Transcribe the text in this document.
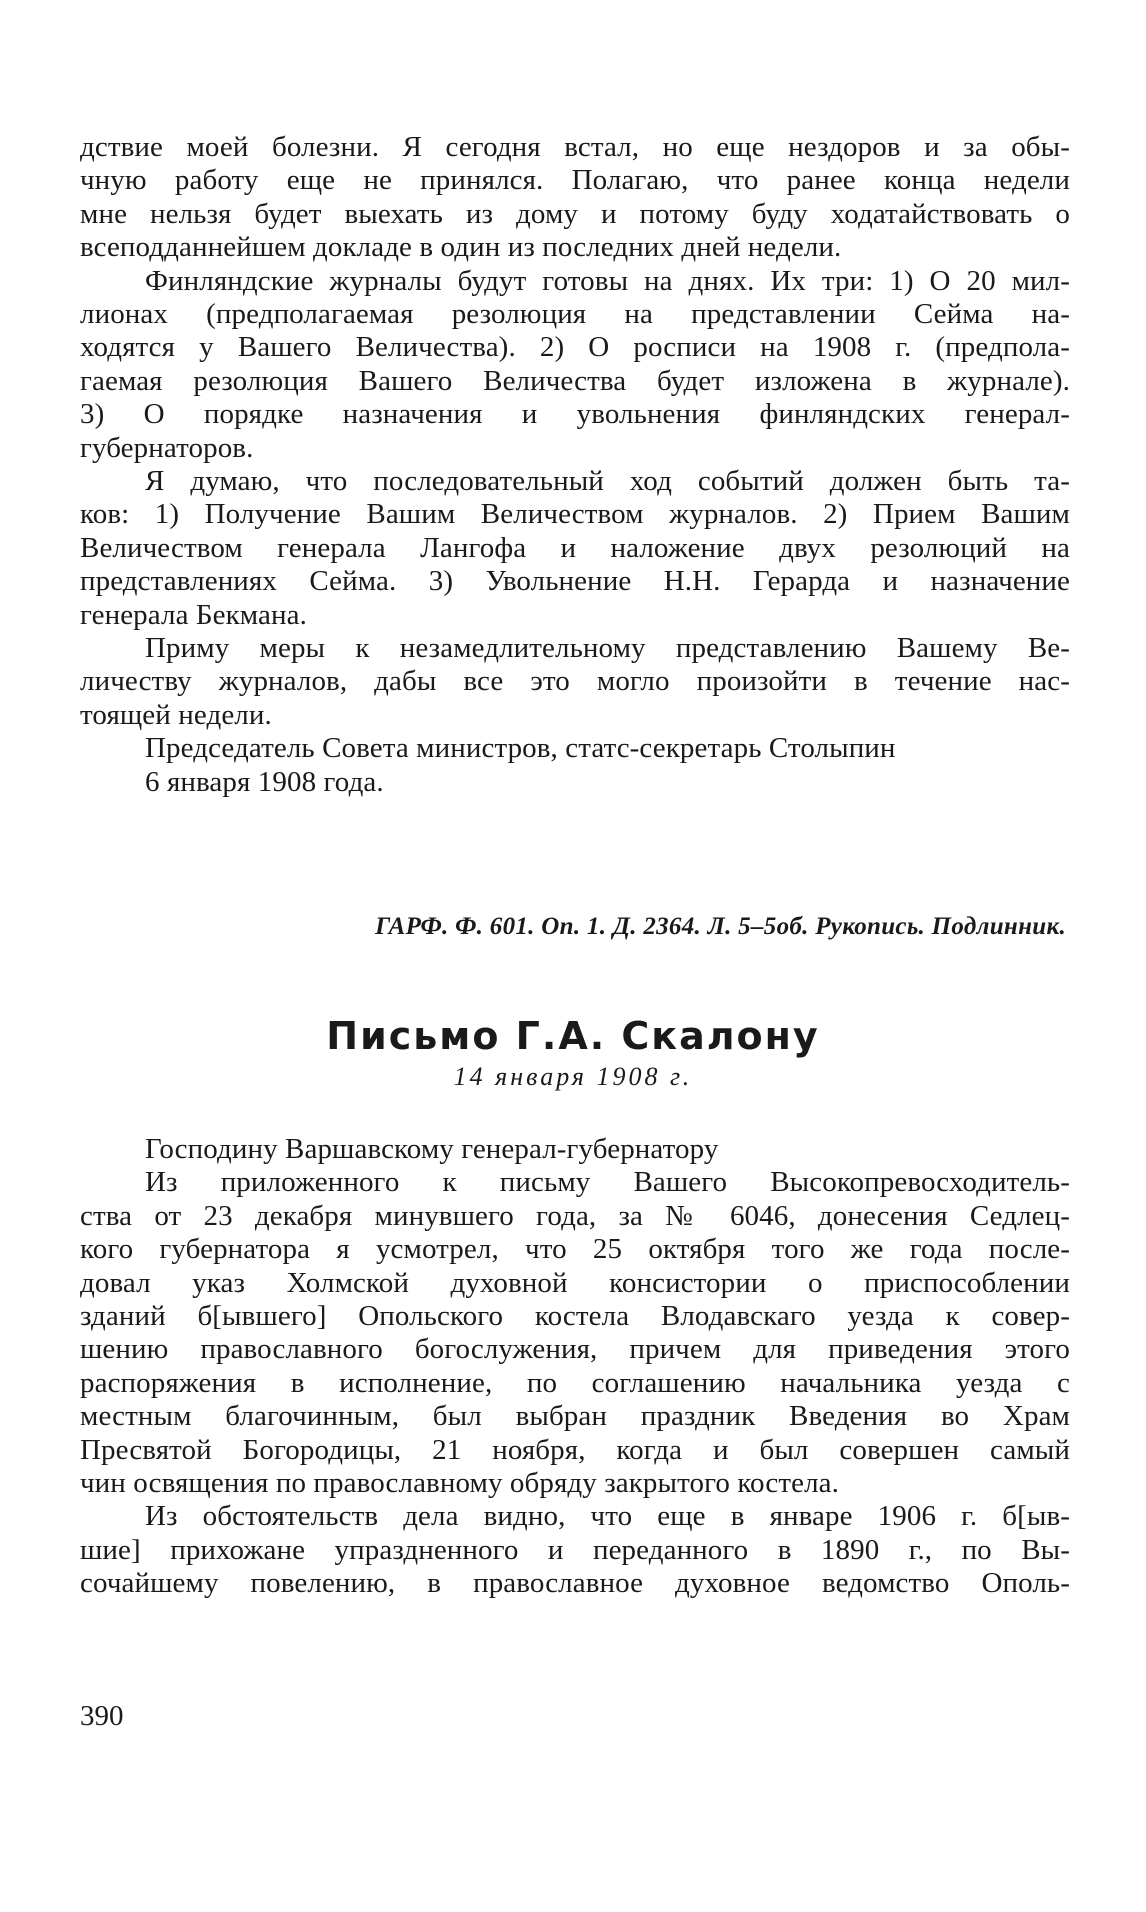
дствие моей болезни. Я сегодня встал, но еще нездоров и за обы-
чную работу еще не принялся. Полагаю, что ранее конца недели
мне нельзя будет выехать из дому и потому буду ходатайствовать о
всеподданнейшем докладе в один из последних дней недели.
Финляндские журналы будут готовы на днях. Их три: 1) О 20 мил-
лионах (предполагаемая резолюция на представлении Сейма на-
ходятся у Вашего Величества). 2) О росписи на 1908 г. (предпола-
гаемая резолюция Вашего Величества будет изложена в журнале).
3) О порядке назначения и увольнения финляндских генерал-
губернаторов.
Я думаю, что последовательный ход событий должен быть та-
ков: 1) Получение Вашим Величеством журналов. 2) Прием Вашим
Величеством генерала Лангофа и наложение двух резолюций на
представлениях Сейма. 3) Увольнение Н.Н. Герарда и назначение
генерала Бекмана.
Приму меры к незамедлительному представлению Вашему Ве-
личеству журналов, дабы все это могло произойти в течение нас-
тоящей недели.
Председатель Совета министров, статс-секретарь Столыпин
6 января 1908 года.
ГАРФ. Ф. 601. Оп. 1. Д. 2364. Л. 5–5об. Рукопись. Подлинник.
Письмо Г.А. Скалону
14 января 1908 г.
Господину Варшавскому генерал-губернатору
Из приложенного к письму Вашего Высокопревосходитель-
ства от 23 декабря минувшего года, за № 6046, донесения Седлец-
кого губернатора я усмотрел, что 25 октября того же года после-
довал указ Холмской духовной консистории о приспособлении
зданий б[ывшего] Опольского костела Влодавскаго уезда к совер-
шению православного богослужения, причем для приведения этого
распоряжения в исполнение, по соглашению начальника уезда с
местным благочинным, был выбран праздник Введения во Храм
Пресвятой Богородицы, 21 ноября, когда и был совершен самый
чин освящения по православному обряду закрытого костела.
Из обстоятельств дела видно, что еще в январе 1906 г. б[ыв-
шие] прихожане упраздненного и переданного в 1890 г., по Вы-
сочайшему повелению, в православное духовное ведомство Ополь-
390
